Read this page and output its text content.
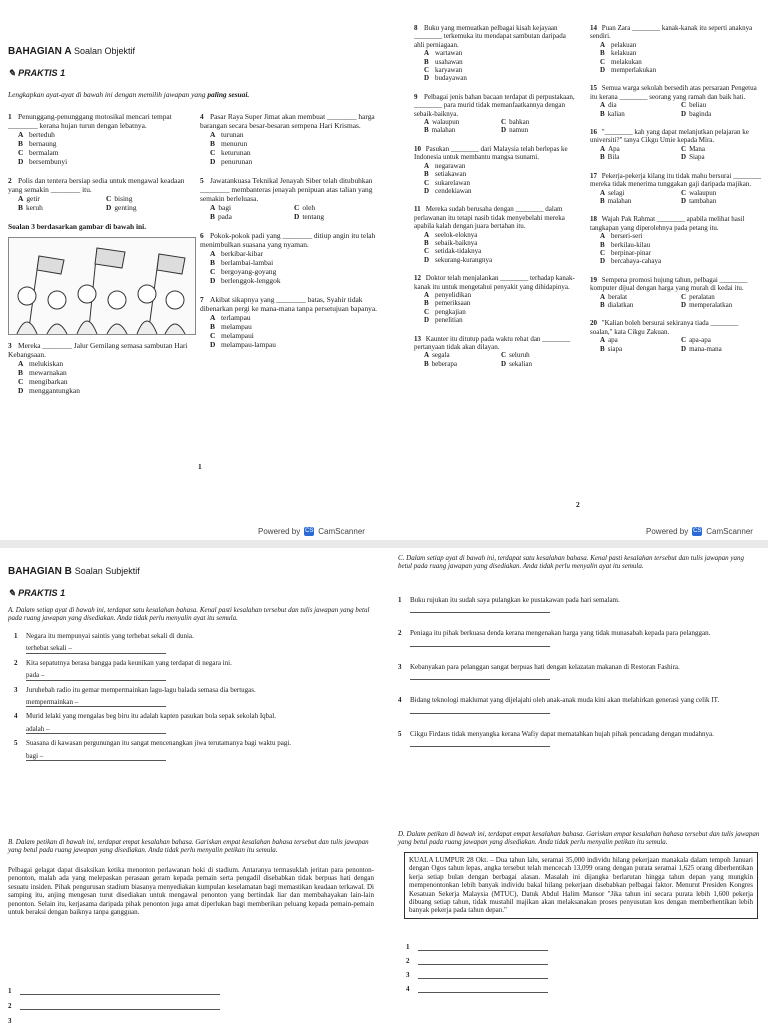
BAHAGIAN A Soalan Objektif
✎ PRAKTIS 1
Lengkapkan ayat-ayat di bawah ini dengan memilih jawapan yang paling sesuai.
1 Penunggang-penunggang motosikal mencari tempat ________ kerana hujan turun dengan lebatnya.
A berteduh
B bernaung
C bermalam
D bersembunyi
2 Polis dan tentera bersiap sedia untuk mengawal keadaan yang semakin ________ itu.
A getir	C bising
B keruh	D genting
Soalan 3 berdasarkan gambar di bawah ini.
3 Mereka ________ Jalur Gemilang semasa sambutan Hari Kebangsaan.
A melukiskan
B mewarnakan
C mengibarkan
D menggantungkan
4 Pasar Raya Super Jimat akan membuat ________ harga barangan secara besar-besaran sempena Hari Krismas.
A turunan
B menurun
C keturunan
D penurunan
5 Jawatankuasa Teknikal Jenayah Siber telah ditubuhkan ________ membanteras jenayah penipuan atas talian yang semakin berleluasa.
A bagi	C oleh
B pada	D tentang
6 Pokok-pokok padi yang ________ ditiup angin itu telah menimbulkan suasana yang nyaman.
A berkibar-kibar
B berlambai-lambai
C bergoyang-goyang
D berlenggok-lenggok
7 Akibat sikapnya yang ________ batas, Syahir tidak dibenarkan pergi ke mana-mana tanpa persetujuan bapanya.
A terlampau
B melampau
C melampaui
D melampau-lampau
1
Powered by CS CamScanner
8 Buku yang memuatkan pelbagai kisah kejayaan ________ terkemuka itu mendapat sambutan daripada ahli perniagaan.
A wartawan
B usahawan
C karyawan
D budayawan
9 Pelbagai jenis bahan bacaan terdapat di perpustakaan, ________ para murid tidak memanfaatkannya dengan sebaik-baiknya.
A walaupun	C bahkan
B malahan	D namun
10 Pasukan ________ dari Malaysia telah berlepas ke Indonesia untuk membantu mangsa tsunami.
A negarawan
B setiakawan
C sukarelawan
D cendekiawan
11 Mereka sudah berusaha dengan ________ dalam perlawanan itu tetapi nasib tidak menyebelahi mereka apabila kalah dengan juara bertahan itu.
A seelok-eloknya
B sebaik-baiknya
C setidak-tidaknya
D sekurang-kurangnya
12 Doktor telah menjalankan ________ terhadap kanak-kanak itu untuk mengetahui penyakit yang dihidapinya.
A penyelidikan
B pemeriksaan
C pengkajian
D penelitian
13 Kaunter itu ditutup pada waktu rehat dan ________ pertanyaan tidak akan dilayan.
A segala	C seluruh
B beberapa	D sekalian
14 Puan Zara ________ kanak-kanak itu seperti anaknya sendiri.
A pelakuan
B kelakuan
C melakukan
D memperlakukan
15 Semua warga sekolah bersedih atas persaraan Pengetua itu kerana ________ seorang yang ramah dan baik hati.
A dia	C beliau
B kalian	D baginda
16 "________ kah yang dapat melanjutkan pelajaran ke universiti?" tanya Cikgu Umie kepada Mira.
A Apa	C Mana
B Bila	D Siapa
17 Pekerja-pekerja kilang itu tidak mahu bersurai ________ mereka tidak menerima tunggakan gaji daripada majikan.
A selagi	C walaupun
B malahan	D tambahan
18 Wajah Pak Rahmat ________ apabila melihat hasil tangkapan yang diperolehnya pada petang itu.
A berseri-seri
B berkilau-kilau
C berpinar-pinar
D bercahaya-cahaya
19 Sempena promosi hujung tahun, pelbagai ________ komputer dijual dengan harga yang murah di kedai itu.
A beralat	C peralatan
B dialatkan	D memperalatkan
20 "Kalian boleh bersurai sekiranya tiada ________ soalan," kata Cikgu Zakuan.
A apa	C apa-apa
B siapa	D mana-mana
2
Powered by CS CamScanner
BAHAGIAN B Soalan Subjektif
✎ PRAKTIS 1
A. Dalam setiap ayat di bawah ini, terdapat satu kesalahan bahasa. Kenal pasti kesalahan tersebut dan tulis jawapan yang betul pada ruang jawapan yang disediakan. Anda tidak perlu menyalin ayat itu semula.
1	Negara itu mempunyai saintis yang terhebat sekali di dunia.
terhebat sekali –
2	Kita sepatutnya berasa bangga pada keunikan yang terdapat di negara ini.
pada –
3	Juruhebah radio itu gemar mempermainkan lagu-lagu balada semasa dia bertugas.
mempermainkan –
4	Murid lelaki yang mengalas beg biru itu adalah kapten pasukan bola sepak sekolah Iqbal.
adalah –
5	Suasana di kawasan pergunungan itu sangat mencenangkan jiwa terutamanya bagi waktu pagi.
bagi –
B. Dalam petikan di bawah ini, terdapat empat kesalahan bahasa. Gariskan empat kesalahan bahasa tersebut dan tulis jawapan yang betul pada ruang jawapan yang disediakan. Anda tidak perlu menyalin petikan itu semula.
Pelbagai gelagat dapat disaksikan ketika menonton perlawanan hoki di stadium. Antaranya termasuklah jeritan para penonton-penonton, malah ada yang melepaskan perasaan geram kepada pemain serta pengadil disebabkan tidak berpuas hati dengan sesuatu insiden. Pihak pengurusan stadium biasanya menyediakan kumpulan keselamatan bagi memastikan keadaan terkawal. Di samping itu, anjing mengesan turut disediakan untuk mengawal penonton yang bertindak liar dan membahayakan lain-lain penonton. Selain itu, kerjasama daripada pihak penonton juga amat diperlukan bagi memberikan peluang kepada pemain-pemain untuk beraksi dengan baiknya tanpa gangguan.
1
2
3
C. Dalam setiap ayat di bawah ini, terdapat satu kesalahan bahasa. Kenal pasti kesalahan tersebut dan tulis jawapan yang betul pada ruang jawapan yang disediakan. Anda tidak perlu menyalin ayat itu semula.
1	Buku rujukan itu sudah saya pulangkan ke pustakawan pada hari semalam.
2	Peniaga itu pihak berkuasa denda kerana mengenakan harga yang tidak munasabah kepada para pelanggan.
3	Kebanyakan para pelanggan sangat berpuas hati dengan kelazatan makanan di Restoran Fashira.
4	Bidang teknologi maklumat yang dijelajahi oleh anak-anak muda kini akan melahirkan generasi yang celik IT.
5	Cikgu Firdaus tidak menyangka kerana Wafiy dapat mematahkan hujah pihak pencadang dengan mudahnya.
D. Dalam petikan di bawah ini, terdapat empat kesalahan bahasa. Gariskan empat kesalahan bahasa tersebut dan tulis jawapan yang betul pada ruang jawapan yang disediakan. Anda tidak perlu menyalin petikan itu semula.
KUALA LUMPUR 28 Okt. – Dua tahun lalu, seramai 35,000 individu hilang pekerjaan manakala dalam tempoh Januari dengan Ogos tahun lepas, angka tersebut telah mencecah 13,099 orang dengan purata seramai 1,625 orang diberhentikan kerja setiap bulan dengan berbagai alasan. Masalah ini dijangka berlarutan hingga tahun depan yang mungkin mempenontonkan lebih banyak individu bakal hilang pekerjaan disebabkan pelbagai faktor. Menurut Presiden Kongres Kesatuan Sekerja Malaysia (MTUC), Datuk Abdul Halim Mansor "Jika tahun ini secara purata lebih 1,600 pekerja dibuang setiap tahun, tidak mustahil majikan akan melaksanakan proses penyusutan kos dengan memberhentikan lebih banyak pekerja pada tahun depan."
1
2
3
4
